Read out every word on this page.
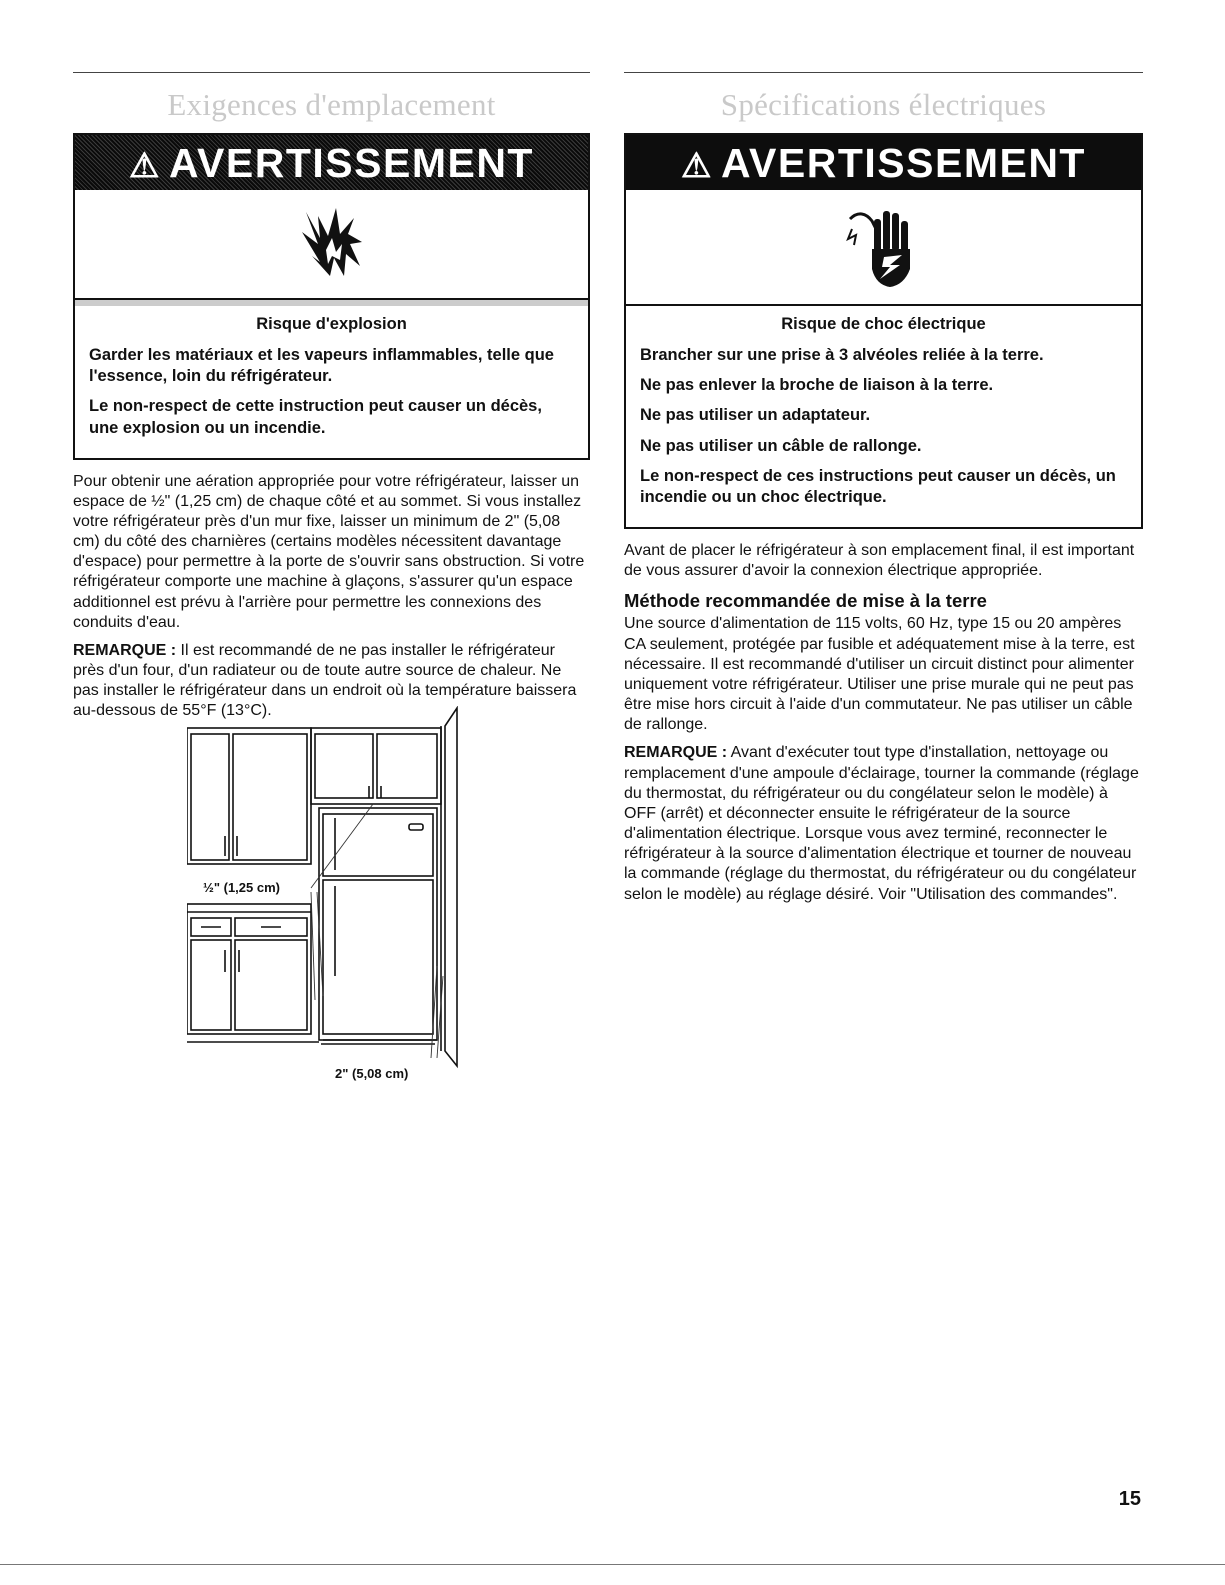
Exigences d'emplacement
⚠ AVERTISSEMENT
Risque d'explosion

Garder les matériaux et les vapeurs inflammables, telle que l'essence, loin du réfrigérateur.

Le non-respect de cette instruction peut causer un décès, une explosion ou un incendie.

Pour obtenir une aération appropriée pour votre réfrigérateur, laisser un espace de ½" (1,25 cm) de chaque côté et au sommet. Si vous installez votre réfrigérateur près d'un mur fixe, laisser un minimum de 2" (5,08 cm) du côté des charnières (certains modèles nécessitent davantage d'espace) pour permettre à la porte de s'ouvrir sans obstruction. Si votre réfrigérateur comporte une machine à glaçons, s'assurer qu'un espace additionnel est prévu à l'arrière pour permettre les connexions des conduits d'eau.

REMARQUE : Il est recommandé de ne pas installer le réfrigérateur près d'un four, d'un radiateur ou de toute autre source de chaleur. Ne pas installer le réfrigérateur dans un endroit où la température baissera au-dessous de 55°F (13°C).

½" (1,25 cm)
2" (5,08 cm)
Spécifications électriques
⚠ AVERTISSEMENT
Risque de choc électrique

Brancher sur une prise à 3 alvéoles reliée à la terre.

Ne pas enlever la broche de liaison à la terre.

Ne pas utiliser un adaptateur.

Ne pas utiliser un câble de rallonge.

Le non-respect de ces instructions peut causer un décès, un incendie ou un choc électrique.

Avant de placer le réfrigérateur à son emplacement final, il est important de vous assurer d'avoir la connexion électrique appropriée.

Méthode recommandée de mise à la terre

Une source d'alimentation de 115 volts, 60 Hz, type 15 ou 20 ampères CA seulement, protégée par fusible et adéquatement mise à la terre, est nécessaire. Il est recommandé d'utiliser un circuit distinct pour alimenter uniquement votre réfrigérateur. Utiliser une prise murale qui ne peut pas être mise hors circuit à l'aide d'un commutateur. Ne pas utiliser un câble de rallonge.

REMARQUE : Avant d'exécuter tout type d'installation, nettoyage ou remplacement d'une ampoule d'éclairage, tourner la commande (réglage du thermostat, du réfrigérateur ou du congélateur selon le modèle) à OFF (arrêt) et déconnecter ensuite le réfrigérateur de la source d'alimentation électrique. Lorsque vous avez terminé, reconnecter le réfrigérateur à la source d'alimentation électrique et tourner de nouveau la commande (réglage du thermostat, du réfrigérateur ou du congélateur selon le modèle) au réglage désiré. Voir "Utilisation des commandes".

15
